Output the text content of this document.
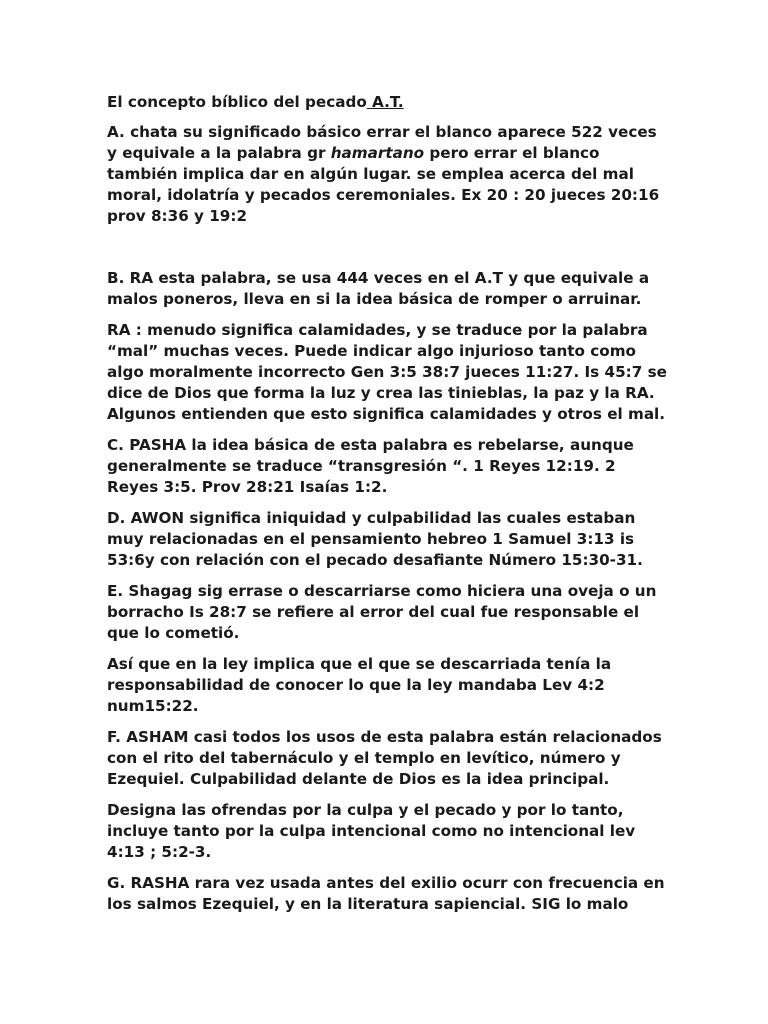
El concepto bíblico del pecado A.T.

A. chata su significado básico errar el blanco aparece 522 veces y equivale a la palabra gr hamartano pero errar el blanco también implica dar en algún lugar. se emplea acerca del mal moral, idolatría y pecados ceremoniales. Ex 20 : 20 jueces 20:16 prov 8:36 y 19:2

B. RA esta palabra, se usa 444 veces en el A.T y que equivale a malos poneros, lleva en si la idea básica de romper o arruinar.

RA : menudo significa calamidades, y se traduce por la palabra “mal” muchas veces. Puede indicar algo injurioso tanto como algo moralmente incorrecto Gen 3:5 38:7 jueces 11:27. Is 45:7 se dice de Dios que forma la luz y crea las tinieblas, la paz y la RA. Algunos entienden que esto significa calamidades y otros el mal.

C. PASHA la idea básica de esta palabra es rebelarse, aunque generalmente se traduce “transgresión “. 1 Reyes 12:19. 2 Reyes 3:5. Prov 28:21 Isaías 1:2.

D. AWON significa iniquidad y culpabilidad las cuales estaban muy relacionadas en el pensamiento hebreo 1 Samuel 3:13 is 53:6y con relación con el pecado desafiante Número 15:30-31.

E. Shagag sig errase o descarriarse como hiciera una oveja o un borracho Is 28:7 se refiere al error del cual fue responsable el que lo cometió.

Así que en la ley implica que el que se descarriada tenía la responsabilidad de conocer lo que la ley mandaba Lev 4:2 num15:22.

F. ASHAM casi todos los usos de esta palabra están relacionados con el rito del tabernáculo y el templo en levítico, número y Ezequiel. Culpabilidad delante de Dios es la idea principal.

Designa las ofrendas por la culpa y el pecado y por lo tanto, incluye tanto por la culpa intencional como no intencional lev 4:13 ; 5:2-3.

G. RASHA rara vez usada antes del exilio ocurr con frecuencia en los salmos Ezequiel, y en la literatura sapiencial. SIG lo malo
